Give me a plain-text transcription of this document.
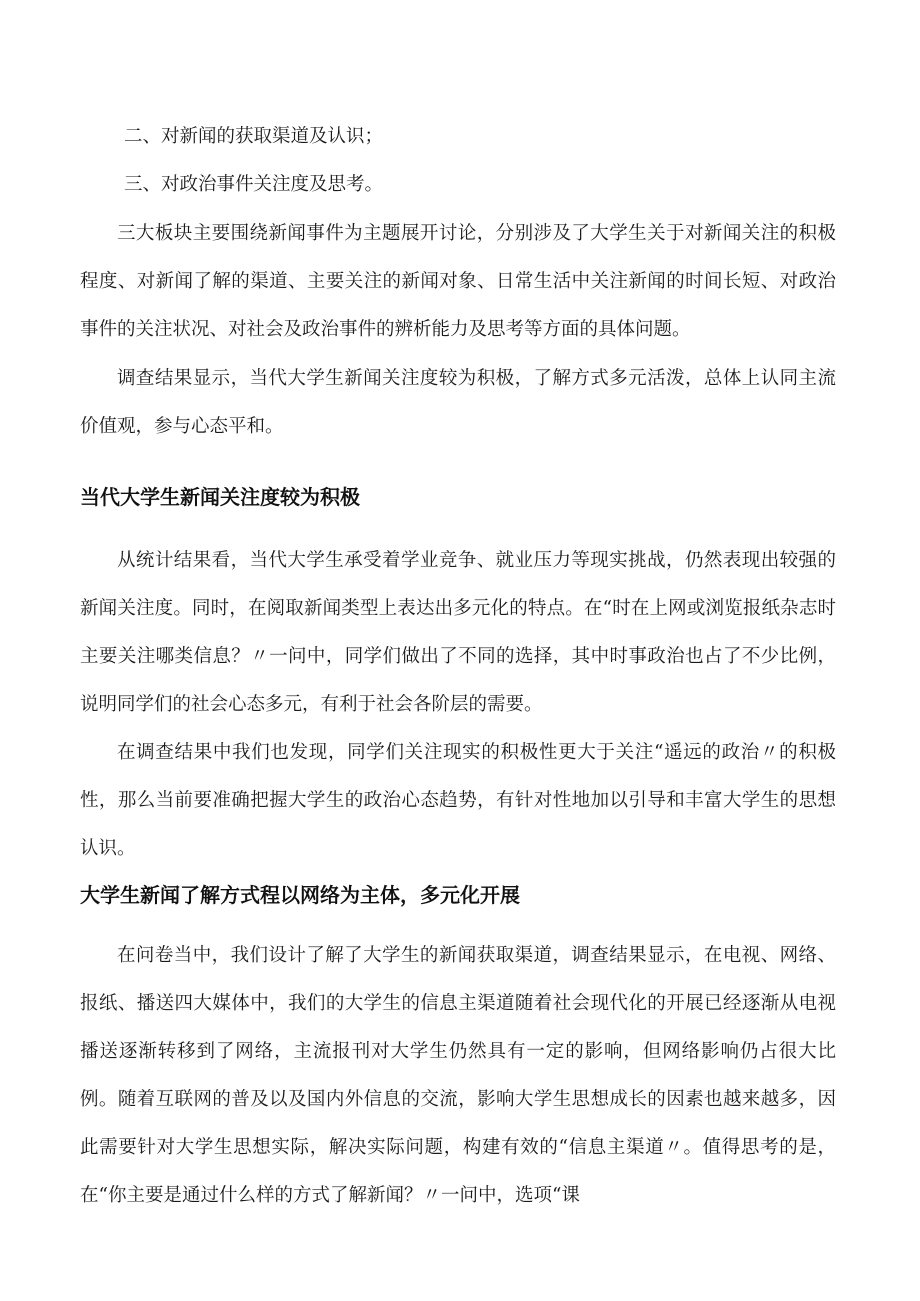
二、对新闻的获取渠道及认识；

三、对政治事件关注度及思考。

三大板块主要围绕新闻事件为主题展开讨论，分别涉及了大学生关于对新闻关注的积极程度、对新闻了解的渠道、主要关注的新闻对象、日常生活中关注新闻的时间长短、对政治事件的关注状况、对社会及政治事件的辨析能力及思考等方面的具体问题。

调查结果显示，当代大学生新闻关注度较为积极，了解方式多元活泼，总体上认同主流价值观，参与心态平和。

当代大学生新闻关注度较为积极

从统计结果看，当代大学生承受着学业竞争、就业压力等现实挑战，仍然表现出较强的新闻关注度。同时，在阅取新闻类型上表达出多元化的特点。在“时在上网或浏览报纸杂志时主要关注哪类信息？〃一问中，同学们做出了不同的选择，其中时事政治也占了不少比例，说明同学们的社会心态多元，有利于社会各阶层的需要。

在调查结果中我们也发现，同学们关注现实的积极性更大于关注“遥远的政治〃的积极性，那么当前要准确把握大学生的政治心态趋势，有针对性地加以引导和丰富大学生的思想认识。

大学生新闻了解方式程以网络为主体，多元化开展

在问卷当中，我们设计了解了大学生的新闻获取渠道，调查结果显示，在电视、网络、报纸、播送四大媒体中，我们的大学生的信息主渠道随着社会现代化的开展已经逐渐从电视播送逐渐转移到了网络，主流报刊对大学生仍然具有一定的影响，但网络影响仍占很大比例。随着互联网的普及以及国内外信息的交流，影响大学生思想成长的因素也越来越多，因此需要针对大学生思想实际，解决实际问题，构建有效的“信息主渠道〃。值得思考的是，在“你主要是通过什么样的方式了解新闻？〃一问中，选项“课
